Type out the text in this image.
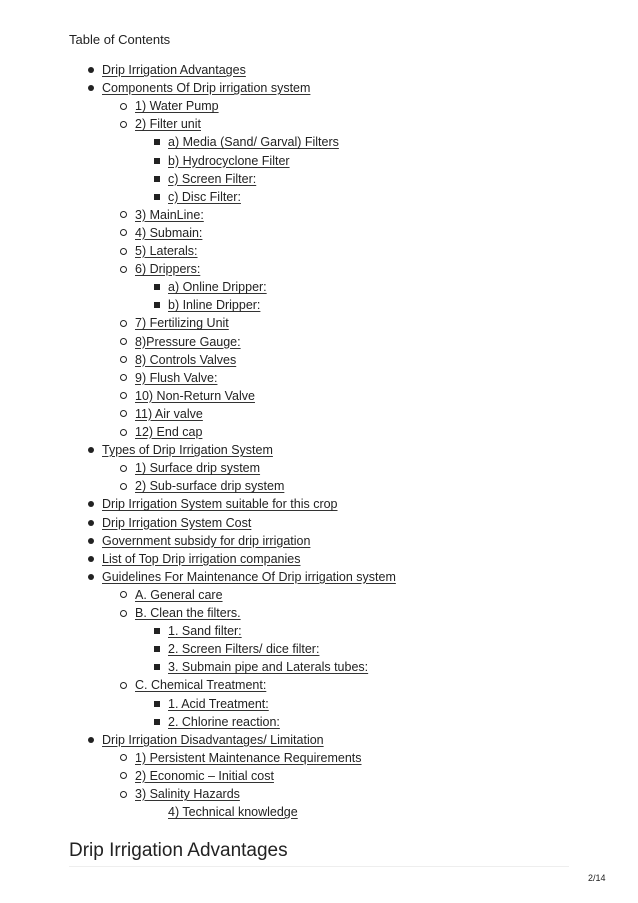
Table of Contents
Drip Irrigation Advantages
Components Of Drip irrigation system
1) Water Pump
2) Filter unit
a) Media (Sand/ Garval) Filters
b) Hydrocyclone Filter
c) Screen Filter:
c) Disc Filter:
3) MainLine:
4) Submain:
5) Laterals:
6) Drippers:
a) Online Dripper:
b) Inline Dripper:
7) Fertilizing Unit
8)Pressure Gauge:
8) Controls Valves
9) Flush Valve:
10) Non-Return Valve
11) Air valve
12) End cap
Types of Drip Irrigation System
1) Surface drip system
2) Sub-surface drip system
Drip Irrigation System suitable for this crop
Drip Irrigation System Cost
Government subsidy for drip irrigation
List of Top Drip irrigation companies
Guidelines For Maintenance Of Drip irrigation system
A. General care
B. Clean the filters.
1. Sand filter:
2. Screen Filters/ dice filter:
3. Submain pipe and Laterals tubes:
C. Chemical Treatment:
1. Acid Treatment:
2. Chlorine reaction:
Drip Irrigation Disadvantages/ Limitation
1) Persistent Maintenance Requirements
2) Economic – Initial cost
3) Salinity Hazards
4) Technical knowledge
Drip Irrigation Advantages
2/14
